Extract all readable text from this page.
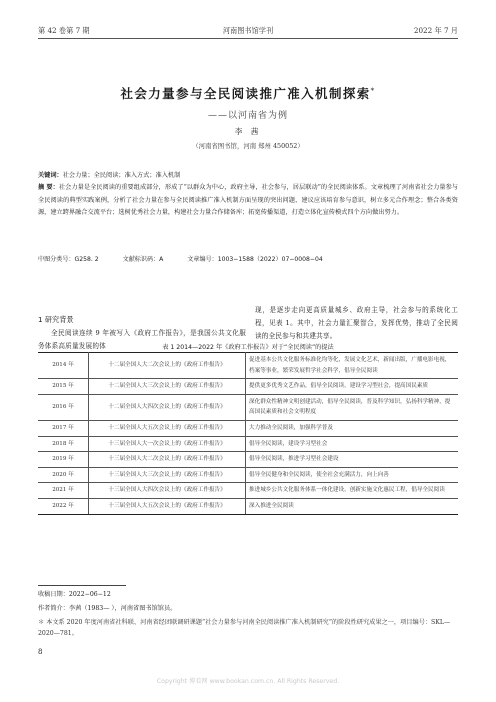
第 42 卷第 7 期	河南图书馆学刊	2022 年 7 月
社会力量参与全民阅读推广准入机制探索*
——以河南省为例
李 茜
（河南省图书馆，河南 郑州 450052）
关键词：社会力量；全民阅读；准入方式；准入机制
摘 要：社会力量是全民阅读的重要组成部分，形成了“以群众为中心，政府主导，社会参与，居层联动”的全民阅读体系。文章梳理了河南省社会力量参与全民阅读的典型实践案例，分析了社会力量在参与全民阅读推广准入机制方面呈现的突出问题，建议应该培育参与意识，树立多元合作理念；整合各类资源，建立跨界融合交流平台；选树优秀社会力量，构建社会力量合作储备库；拓宽传播渠道，打造立体化宣传模式四个方向做出努力。
中图分类号：G258. 2	文献标识码：A	文章编号：1003−1588（2022）07−0008−04
1 研究背景
全民阅读连续 9 年被写入《政府工作报告》，是我国公共文化服务体系高质量发展的体
现，是逐步走向更高质量城乡、政府主导，社会参与的系统化工程，见表 1。其中，社会力量汇聚智合，发挥优势，推动了全民阅读的全民参与和共建共享。
表 1 2014—2022 年《政府工作报告》对于“全民阅读”的提法
2014 年	十二届全国人大二次会议上的《政府工作报告》	促进基本公共文化服务标准化均等化，发展文化艺术，新闻出版，广播电影电视，档案等事业，繁荣发展哲学社会科学，倡导全民阅读
2015 年	十二届全国人大三次会议上的《政府工作报告》	提供更多优秀文艺作品，倡导全民阅读，建设学习型社会，提高国民素质
2016 年	十二届全国人大四次会议上的《政府工作报告》	深化群众性精神文明创建活动，倡导全民阅读，普及科学知识，弘扬科学精神，提高国民素质和社会文明程度
2017 年	十二届全国人大五次会议上的《政府工作报告》	大力推动全民阅读，加强科学普及
2018 年	十三届全国人大一次会议上的《政府工作报告》	倡导全民阅读，建设学习型社会
2019 年	十三届全国人大二次会议上的《政府工作报告》	倡导全民阅读，推进学习型社会建设
2020 年	十三届全国人大三次会议上的《政府工作报告》	倡导全民健身和全民阅读，使全社会充满活力，向上向善
2021 年	十三届全国人大四次会议上的《政府工作报告》	推进城乡公共文化服务体系一体化建设，创新实施文化惠民工程，倡导全民阅读
2022 年	十三届全国人大五次会议上的《政府工作报告》	深入推进全民阅读
收稿日期：2022−06−12
作者简介：李茜（1983— ），河南省图书馆馆员。
＊ 本文系 2020 年度河南省社科联、河南省经团联调研课题“社会力量参与河南全民阅读推广准入机制研究”的阶段性研究成果之一，项目编号：SKL—2020—781。
8
Copyright 博看网 www.bookan.com.cn. All Rights Reserved.
